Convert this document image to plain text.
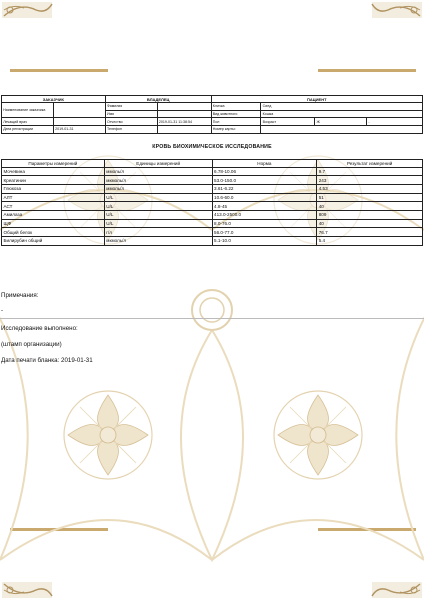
ЗАКАЗЧИК		ВЛАДЕЛЕЦ		ПАЦИЕНТ			
Наименование заказчика		Фамилия		Кличка	Сиед		
		Имя		Вид животного	Кошка		
Лечащий врач		Отчество	2019-01-31 11:38:54	Пол	Возраст	Ж	-
Дата регистрации	2019-01-31	Телефон		Номер карты:			
КРОВЬ БИОХИМИЧЕСКОЕ ИССЛЕДОВАНИЕ
Параметры измерений	Единицы измерений	Норма	Результат измерений
Мочевина	ммоль/л	6.78-10.06	9.7
Креатинин	мкмоль/л	53.0-150.0	243
Глюкоза	ммоль/л	3.61-6.22	4.53
АЛТ	U/L	10.6-60.0	51
АСТ	U/L	4.8-45	40
Амилаза	U/L	413.0-2500.0	809
ЩФ	U/L	8.0-76.0	40
Общий белок	г/л	56.0-77.0	76.7
Билирубин общий	мкмоль/л	5.1-10.0	5.4
Примечания:
-
Исследование выполнено:
(штамп организации)
Дата печати бланка: 2019-01-31
